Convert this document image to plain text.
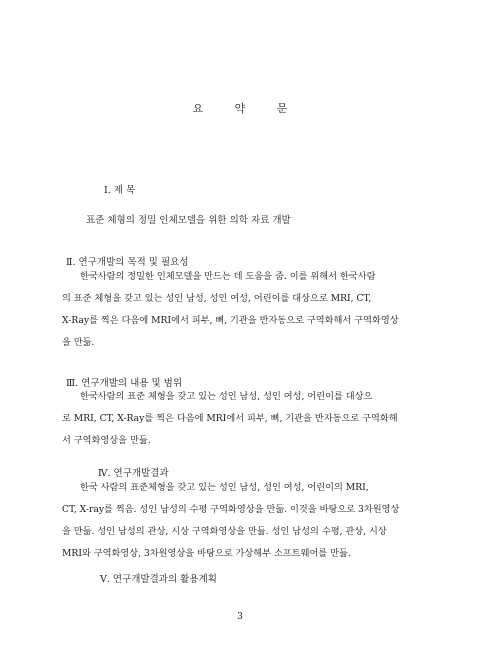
요 약 문
Ⅰ. 제 목
표준 체형의 정밀 인체모델을 위한 의학 자료 개발
Ⅱ. 연구개발의 목적 및 필요성
한국사람의 정밀한 인체모델을 만드는 데 도움을 줌. 이를 위해서 한국사람
의 표준 체형을 갖고 있는 성인 남성, 성인 여성, 어린이를 대상으로 MRI, CT,
X-Ray를 찍은 다음에 MRI에서 피부, 뼈, 기관을 반자동으로 구역화해서 구역화영상
을 만듦.
Ⅲ. 연구개발의 내용 및 범위
한국사람의 표준 체형을 갖고 있는 성인 남성, 성인 여성, 어린이를 대상으
로 MRI, CT, X-Ray를 찍은 다음에 MRI에서 피부, 뼈, 기관을 반자동으로 구역화해
서 구역화영상을 만듦.
Ⅳ. 연구개발결과
한국 사람의 표준체형을 갖고 있는 성인 남성, 성인 여성, 어린이의 MRI,
CT, X-ray를 찍음. 성인 남성의 수평 구역화영상을 만듦. 이것을 바탕으로 3차원영상
을 만듦. 성인 남성의 관상, 시상 구역화영상을 만듦. 성인 남성의 수평, 관상, 시상
MRI와 구역화영상, 3차원영상을 바탕으로 가상해부 소프트웨어를 만듦.
Ⅴ. 연구개발결과의 활용계획
3
